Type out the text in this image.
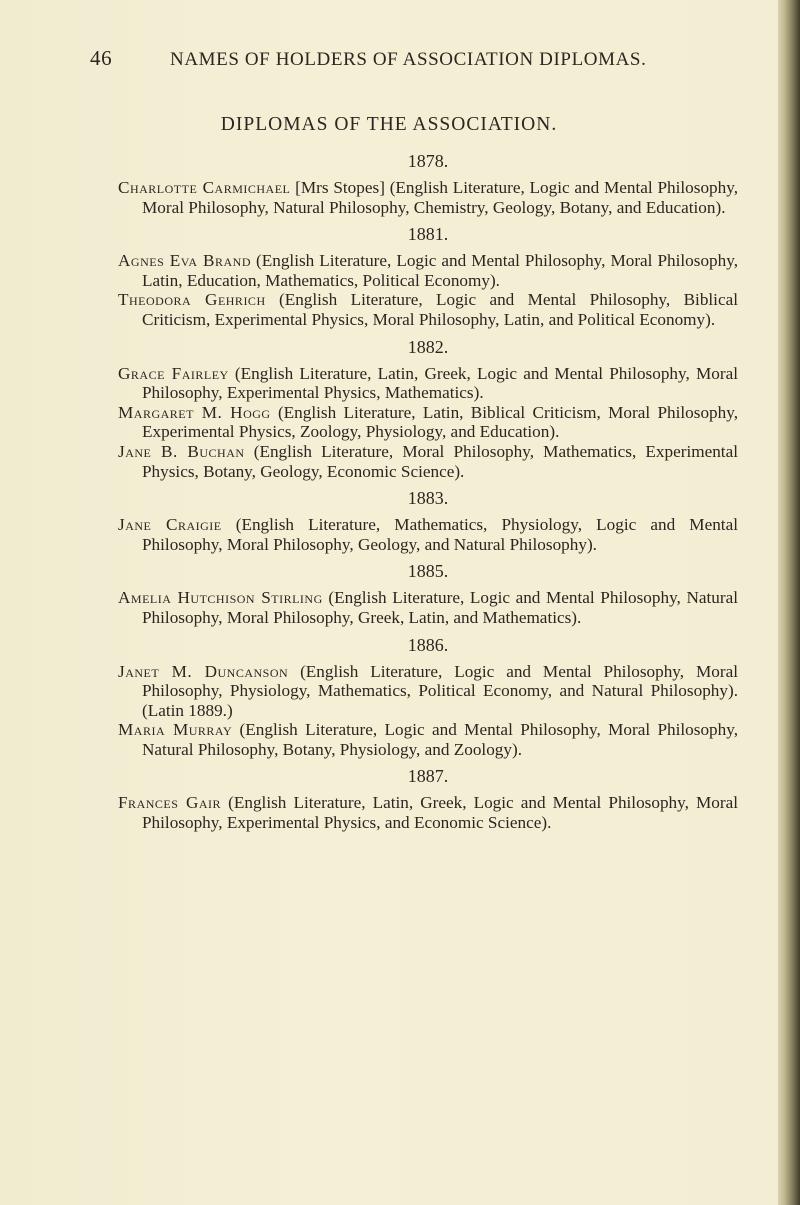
46	NAMES OF HOLDERS OF ASSOCIATION DIPLOMAS.
DIPLOMAS OF THE ASSOCIATION.
1878.

Charlotte Carmichael [Mrs Stopes] (English Literature, Logic and Mental Philosophy, Moral Philosophy, Natural Philosophy, Chemistry, Geology, Botany, and Education).

1881.

Agnes Eva Brand (English Literature, Logic and Mental Philosophy, Moral Philosophy, Latin, Education, Mathematics, Political Economy).

Theodora Gehrich (English Literature, Logic and Mental Philosophy, Biblical Criticism, Experimental Physics, Moral Philosophy, Latin, and Political Economy).

1882.

Grace Fairley (English Literature, Latin, Greek, Logic and Mental Philosophy, Moral Philosophy, Experimental Physics, Mathematics).

Margaret M. Hogg (English Literature, Latin, Biblical Criticism, Moral Philosophy, Experimental Physics, Zoology, Physiology, and Education).

Jane B. Buchan (English Literature, Moral Philosophy, Mathematics, Experimental Physics, Botany, Geology, Economic Science).

1883.

Jane Craigie (English Literature, Mathematics, Physiology, Logic and Mental Philosophy, Moral Philosophy, Geology, and Natural Philosophy).

1885.

Amelia Hutchison Stirling (English Literature, Logic and Mental Philosophy, Natural Philosophy, Moral Philosophy, Greek, Latin, and Mathematics).

1886.

Janet M. Duncanson (English Literature, Logic and Mental Philosophy, Moral Philosophy, Physiology, Mathematics, Political Economy, and Natural Philosophy). (Latin 1889.)

Maria Murray (English Literature, Logic and Mental Philosophy, Moral Philosophy, Natural Philosophy, Botany, Physiology, and Zoology).

1887.

Frances Gair (English Literature, Latin, Greek, Logic and Mental Philosophy, Moral Philosophy, Experimental Physics, and Economic Science).
